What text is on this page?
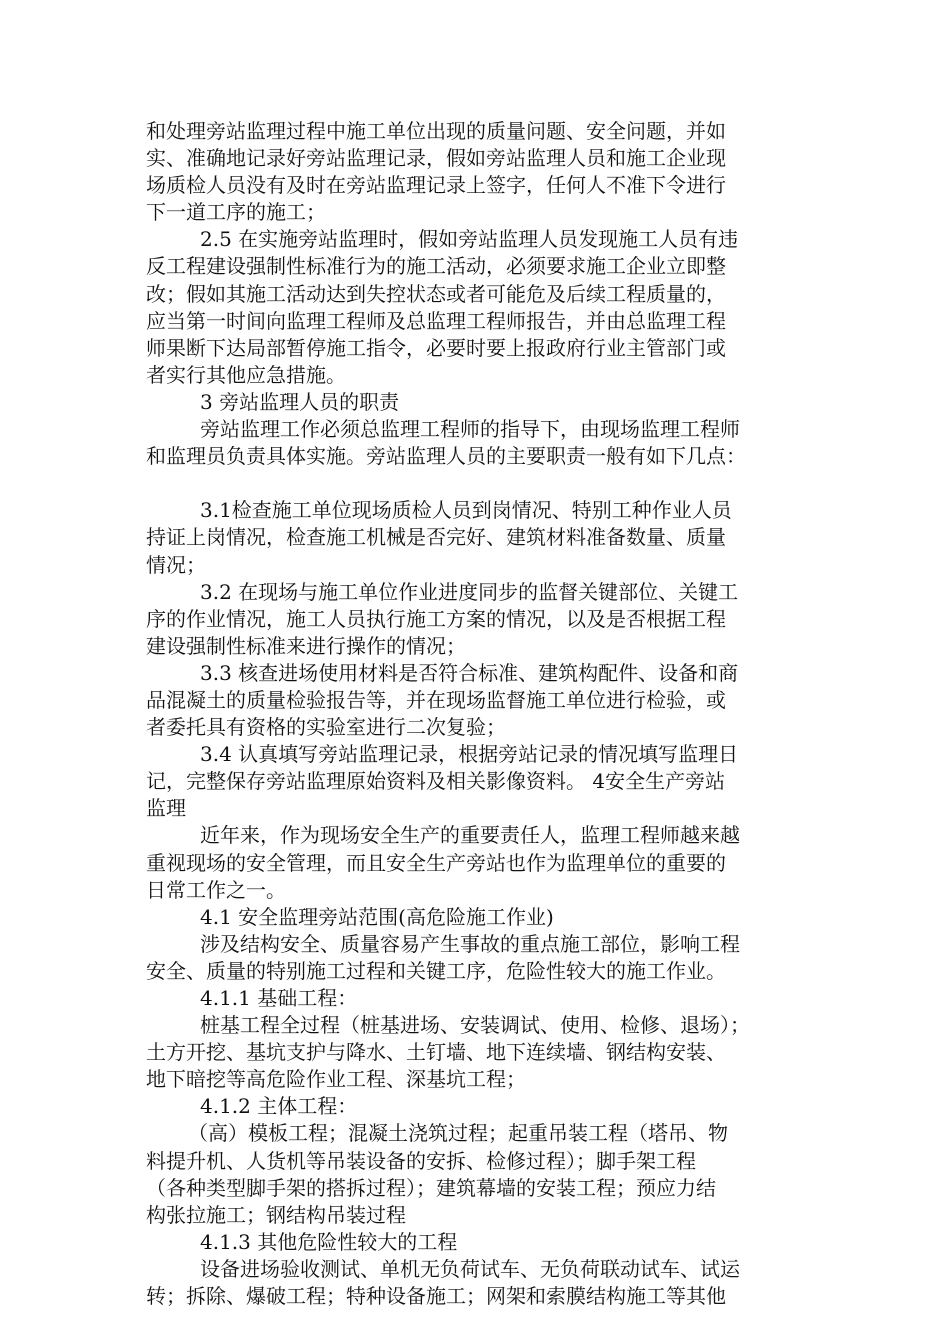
和处理旁站监理过程中施工单位出现的质量问题、安全问题，并如
实、准确地记录好旁站监理记录，假如旁站监理人员和施工企业现
场质检人员没有及时在旁站监理记录上签字，任何人不准下令进行
下一道工序的施工；
2.5 在实施旁站监理时，假如旁站监理人员发现施工人员有违
反工程建设强制性标准行为的施工活动，必须要求施工企业立即整
改；假如其施工活动达到失控状态或者可能危及后续工程质量的，
应当第一时间向监理工程师及总监理工程师报告，并由总监理工程
师果断下达局部暂停施工指令，必要时要上报政府行业主管部门或
者实行其他应急措施。
3 旁站监理人员的职责
旁站监理工作必须总监理工程师的指导下，由现场监理工程师
和监理员负责具体实施。旁站监理人员的主要职责一般有如下几点：
3.1检查施工单位现场质检人员到岗情况、特别工种作业人员
持证上岗情况，检查施工机械是否完好、建筑材料准备数量、质量
情况；
3.2 在现场与施工单位作业进度同步的监督关键部位、关键工
序的作业情况，施工人员执行施工方案的情况，以及是否根据工程
建设强制性标准来进行操作的情况；
3.3 核查进场使用材料是否符合标准、建筑构配件、设备和商
品混凝土的质量检验报告等，并在现场监督施工单位进行检验，或
者委托具有资格的实验室进行二次复验；
3.4 认真填写旁站监理记录，根据旁站记录的情况填写监理日
记，完整保存旁站监理原始资料及相关影像资料。 4安全生产旁站
监理
近年来，作为现场安全生产的重要责任人，监理工程师越来越
重视现场的安全管理，而且安全生产旁站也作为监理单位的重要的
日常工作之一。
4.1 安全监理旁站范围(高危险施工作业)
涉及结构安全、质量容易产生事故的重点施工部位，影响工程
安全、质量的特别施工过程和关键工序，危险性较大的施工作业。
4.1.1 基础工程：
桩基工程全过程（桩基进场、安装调试、使用、检修、退场）；
土方开挖、基坑支护与降水、土钉墙、地下连续墙、钢结构安装、
地下暗挖等高危险作业工程、深基坑工程；
4.1.2 主体工程：
（高）模板工程；混凝土浇筑过程；起重吊装工程（塔吊、物
料提升机、人货机等吊装设备的安拆、检修过程）；脚手架工程
（各种类型脚手架的搭拆过程）；建筑幕墙的安装工程；预应力结
构张拉施工；钢结构吊装过程
4.1.3 其他危险性较大的工程
设备进场验收测试、单机无负荷试车、无负荷联动试车、试运
转；拆除、爆破工程；特种设备施工；网架和索膜结构施工等其他
